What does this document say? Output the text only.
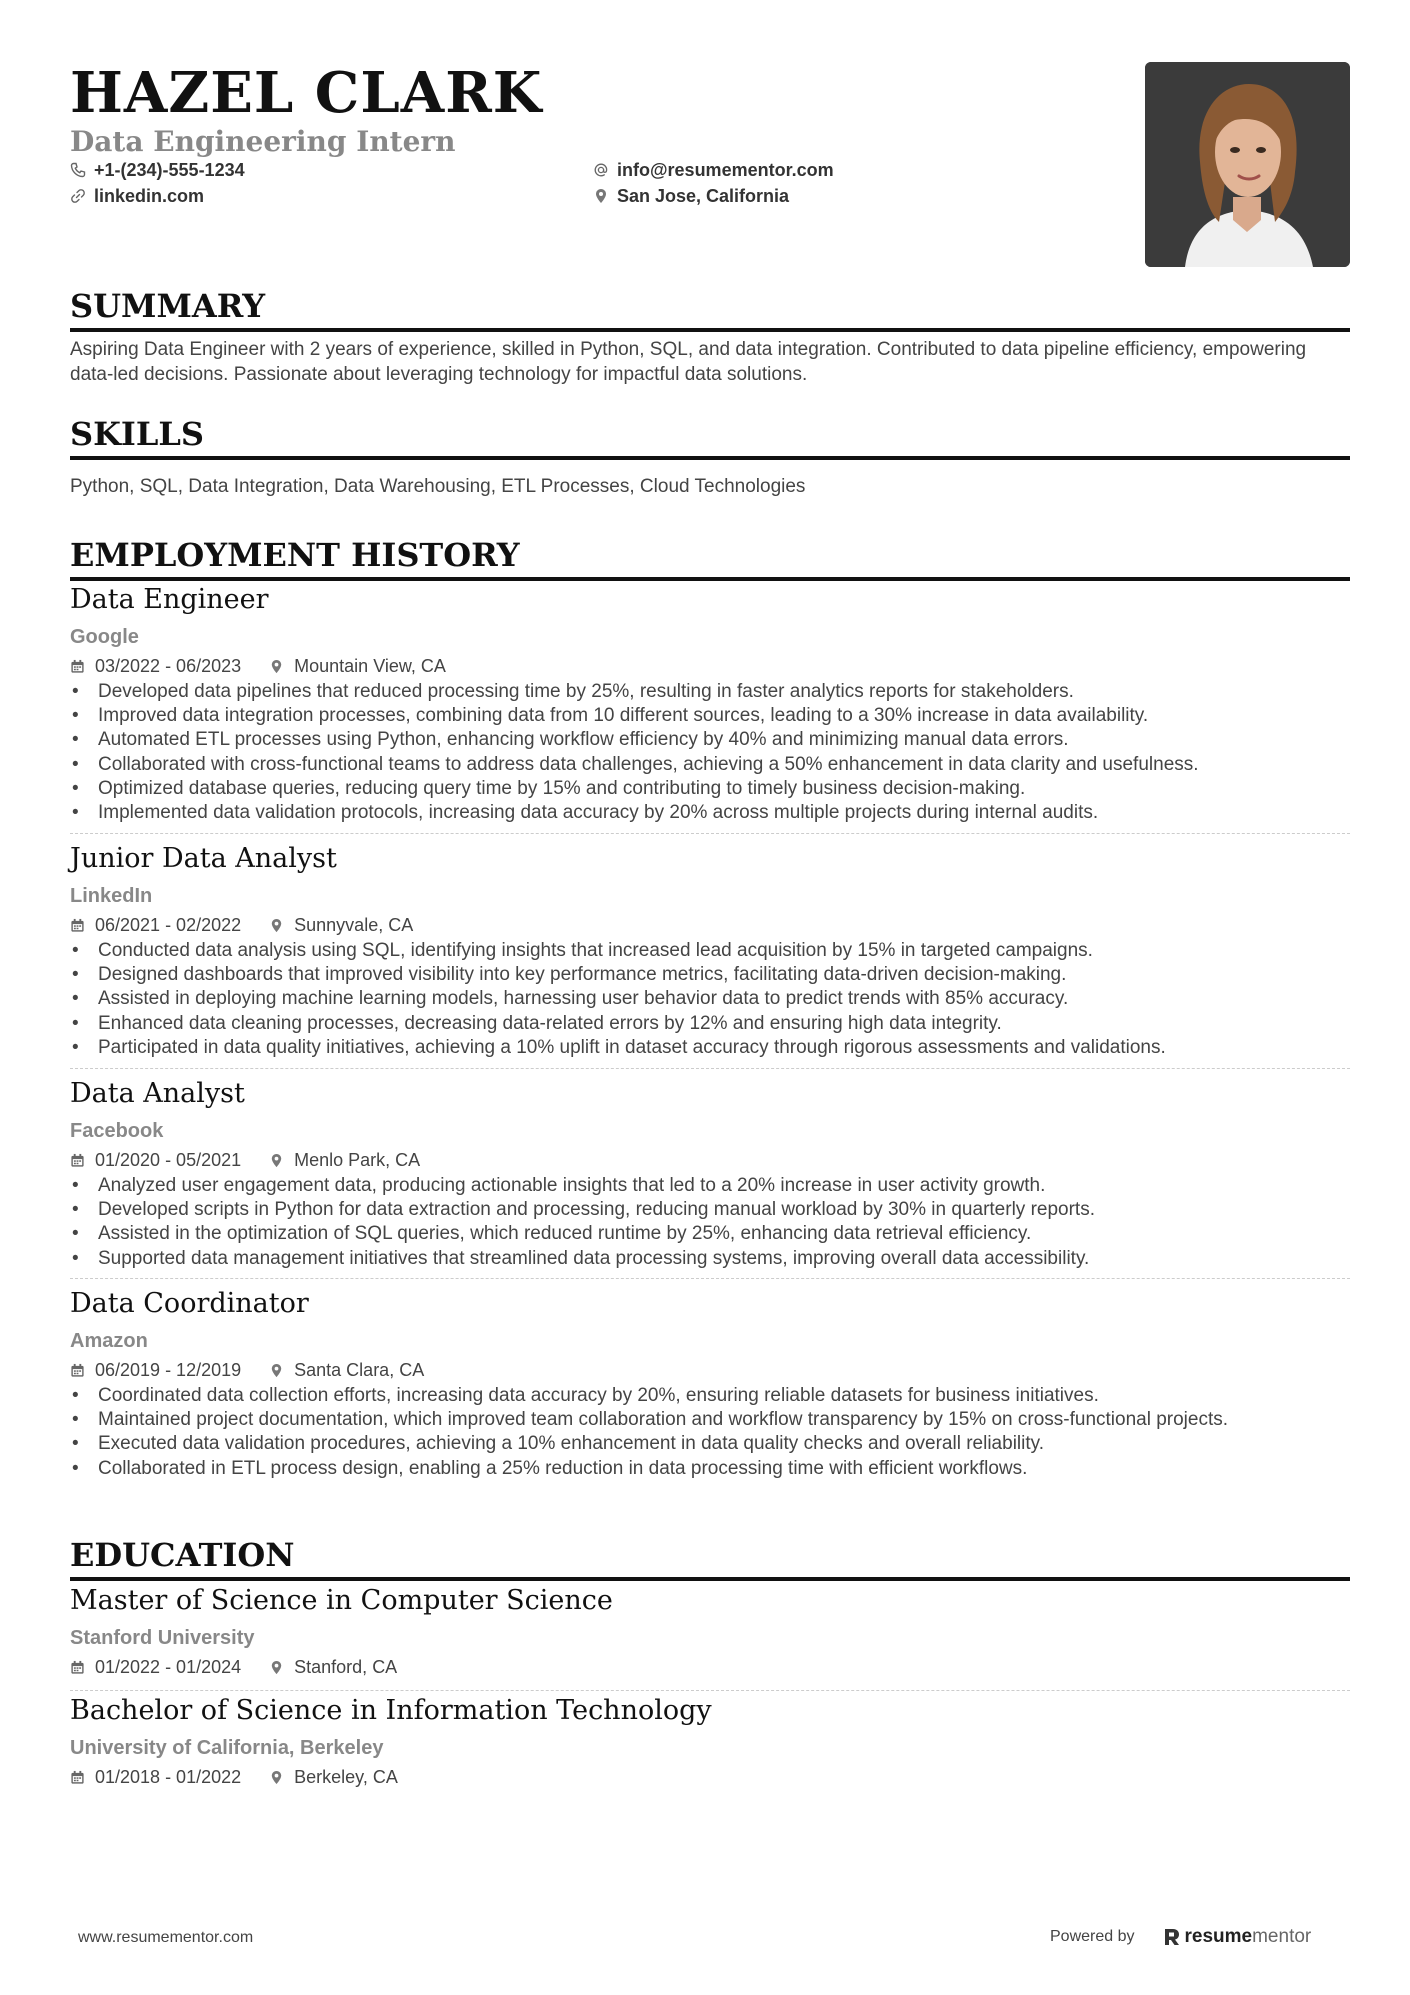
HAZEL CLARK
Data Engineering Intern
+1-(234)-555-1234
linkedin.com
info@resumementor.com
San Jose, California
SUMMARY
Aspiring Data Engineer with 2 years of experience, skilled in Python, SQL, and data integration. Contributed to data pipeline efficiency, empowering data-led decisions. Passionate about leveraging technology for impactful data solutions.
SKILLS
Python, SQL, Data Integration, Data Warehousing, ETL Processes, Cloud Technologies
EMPLOYMENT HISTORY
Data Engineer
Google
03/2022 - 06/2023	Mountain View, CA
• Developed data pipelines that reduced processing time by 25%, resulting in faster analytics reports for stakeholders.
• Improved data integration processes, combining data from 10 different sources, leading to a 30% increase in data availability.
• Automated ETL processes using Python, enhancing workflow efficiency by 40% and minimizing manual data errors.
• Collaborated with cross-functional teams to address data challenges, achieving a 50% enhancement in data clarity and usefulness.
• Optimized database queries, reducing query time by 15% and contributing to timely business decision-making.
• Implemented data validation protocols, increasing data accuracy by 20% across multiple projects during internal audits.
Junior Data Analyst
LinkedIn
06/2021 - 02/2022	Sunnyvale, CA
• Conducted data analysis using SQL, identifying insights that increased lead acquisition by 15% in targeted campaigns.
• Designed dashboards that improved visibility into key performance metrics, facilitating data-driven decision-making.
• Assisted in deploying machine learning models, harnessing user behavior data to predict trends with 85% accuracy.
• Enhanced data cleaning processes, decreasing data-related errors by 12% and ensuring high data integrity.
• Participated in data quality initiatives, achieving a 10% uplift in dataset accuracy through rigorous assessments and validations.
Data Analyst
Facebook
01/2020 - 05/2021	Menlo Park, CA
• Analyzed user engagement data, producing actionable insights that led to a 20% increase in user activity growth.
• Developed scripts in Python for data extraction and processing, reducing manual workload by 30% in quarterly reports.
• Assisted in the optimization of SQL queries, which reduced runtime by 25%, enhancing data retrieval efficiency.
• Supported data management initiatives that streamlined data processing systems, improving overall data accessibility.
Data Coordinator
Amazon
06/2019 - 12/2019	Santa Clara, CA
• Coordinated data collection efforts, increasing data accuracy by 20%, ensuring reliable datasets for business initiatives.
• Maintained project documentation, which improved team collaboration and workflow transparency by 15% on cross-functional projects.
• Executed data validation procedures, achieving a 10% enhancement in data quality checks and overall reliability.
• Collaborated in ETL process design, enabling a 25% reduction in data processing time with efficient workflows.
EDUCATION
Master of Science in Computer Science
Stanford University
01/2022 - 01/2024	Stanford, CA
Bachelor of Science in Information Technology
University of California, Berkeley
01/2018 - 01/2022	Berkeley, CA
www.resumementor.com	Powered by	resume mentor
